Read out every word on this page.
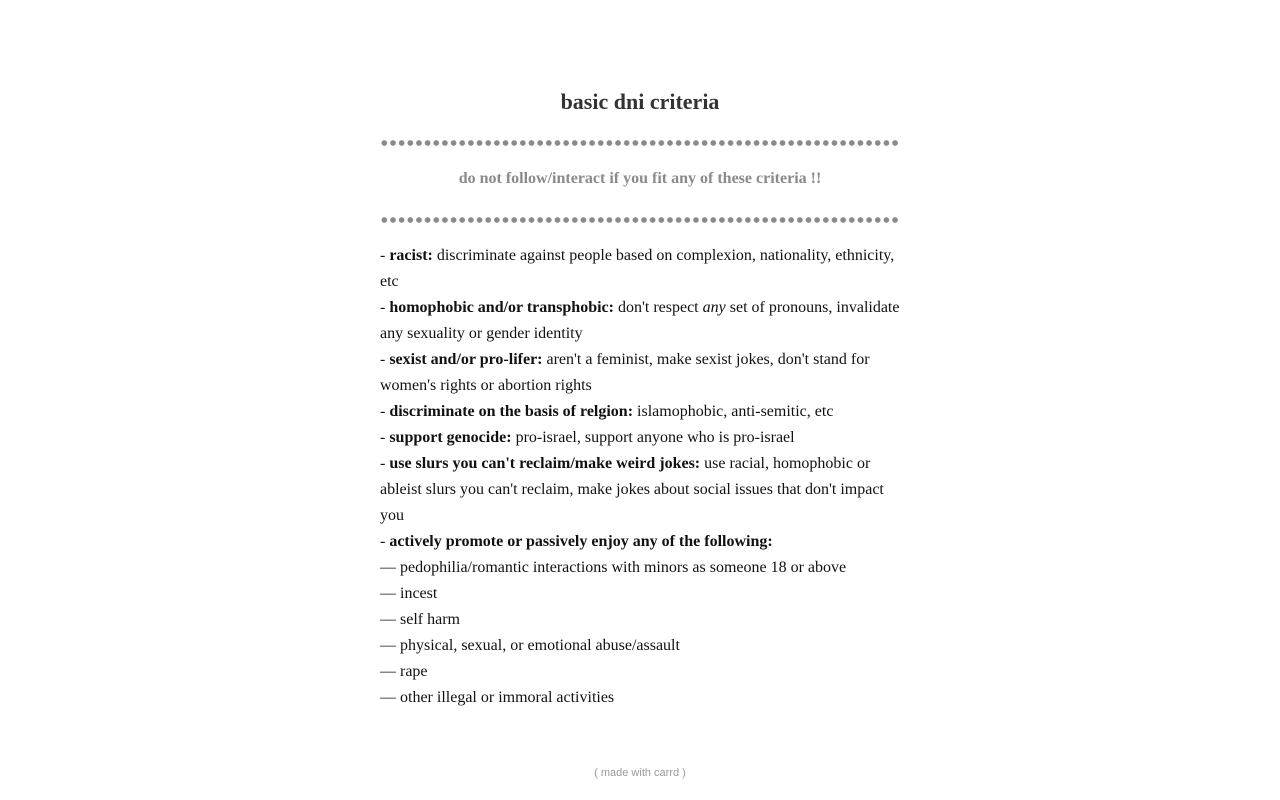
basic dni criteria
do not follow/interact if you fit any of these criteria !!

- racist: discriminate against people based on complexion, nationality, ethnicity, etc

- homophobic and/or transphobic: don't respect any set of pronouns, invalidate any sexuality or gender identity

- sexist and/or pro-lifer: aren't a feminist, make sexist jokes, don't stand for women's rights or abortion rights

- discriminate on the basis of relgion: islamophobic, anti-semitic, etc

- support genocide: pro-israel, support anyone who is pro-israel

- use slurs you can't reclaim/make weird jokes: use racial, homophobic or ableist slurs you can't reclaim, make jokes about social issues that don't impact you

- actively promote or passively enjoy any of the following:

— pedophilia/romantic interactions with minors as someone 18 or above

— incest

— self harm

— physical, sexual, or emotional abuse/assault

— rape

— other illegal or immoral activities

( made with carrd )
